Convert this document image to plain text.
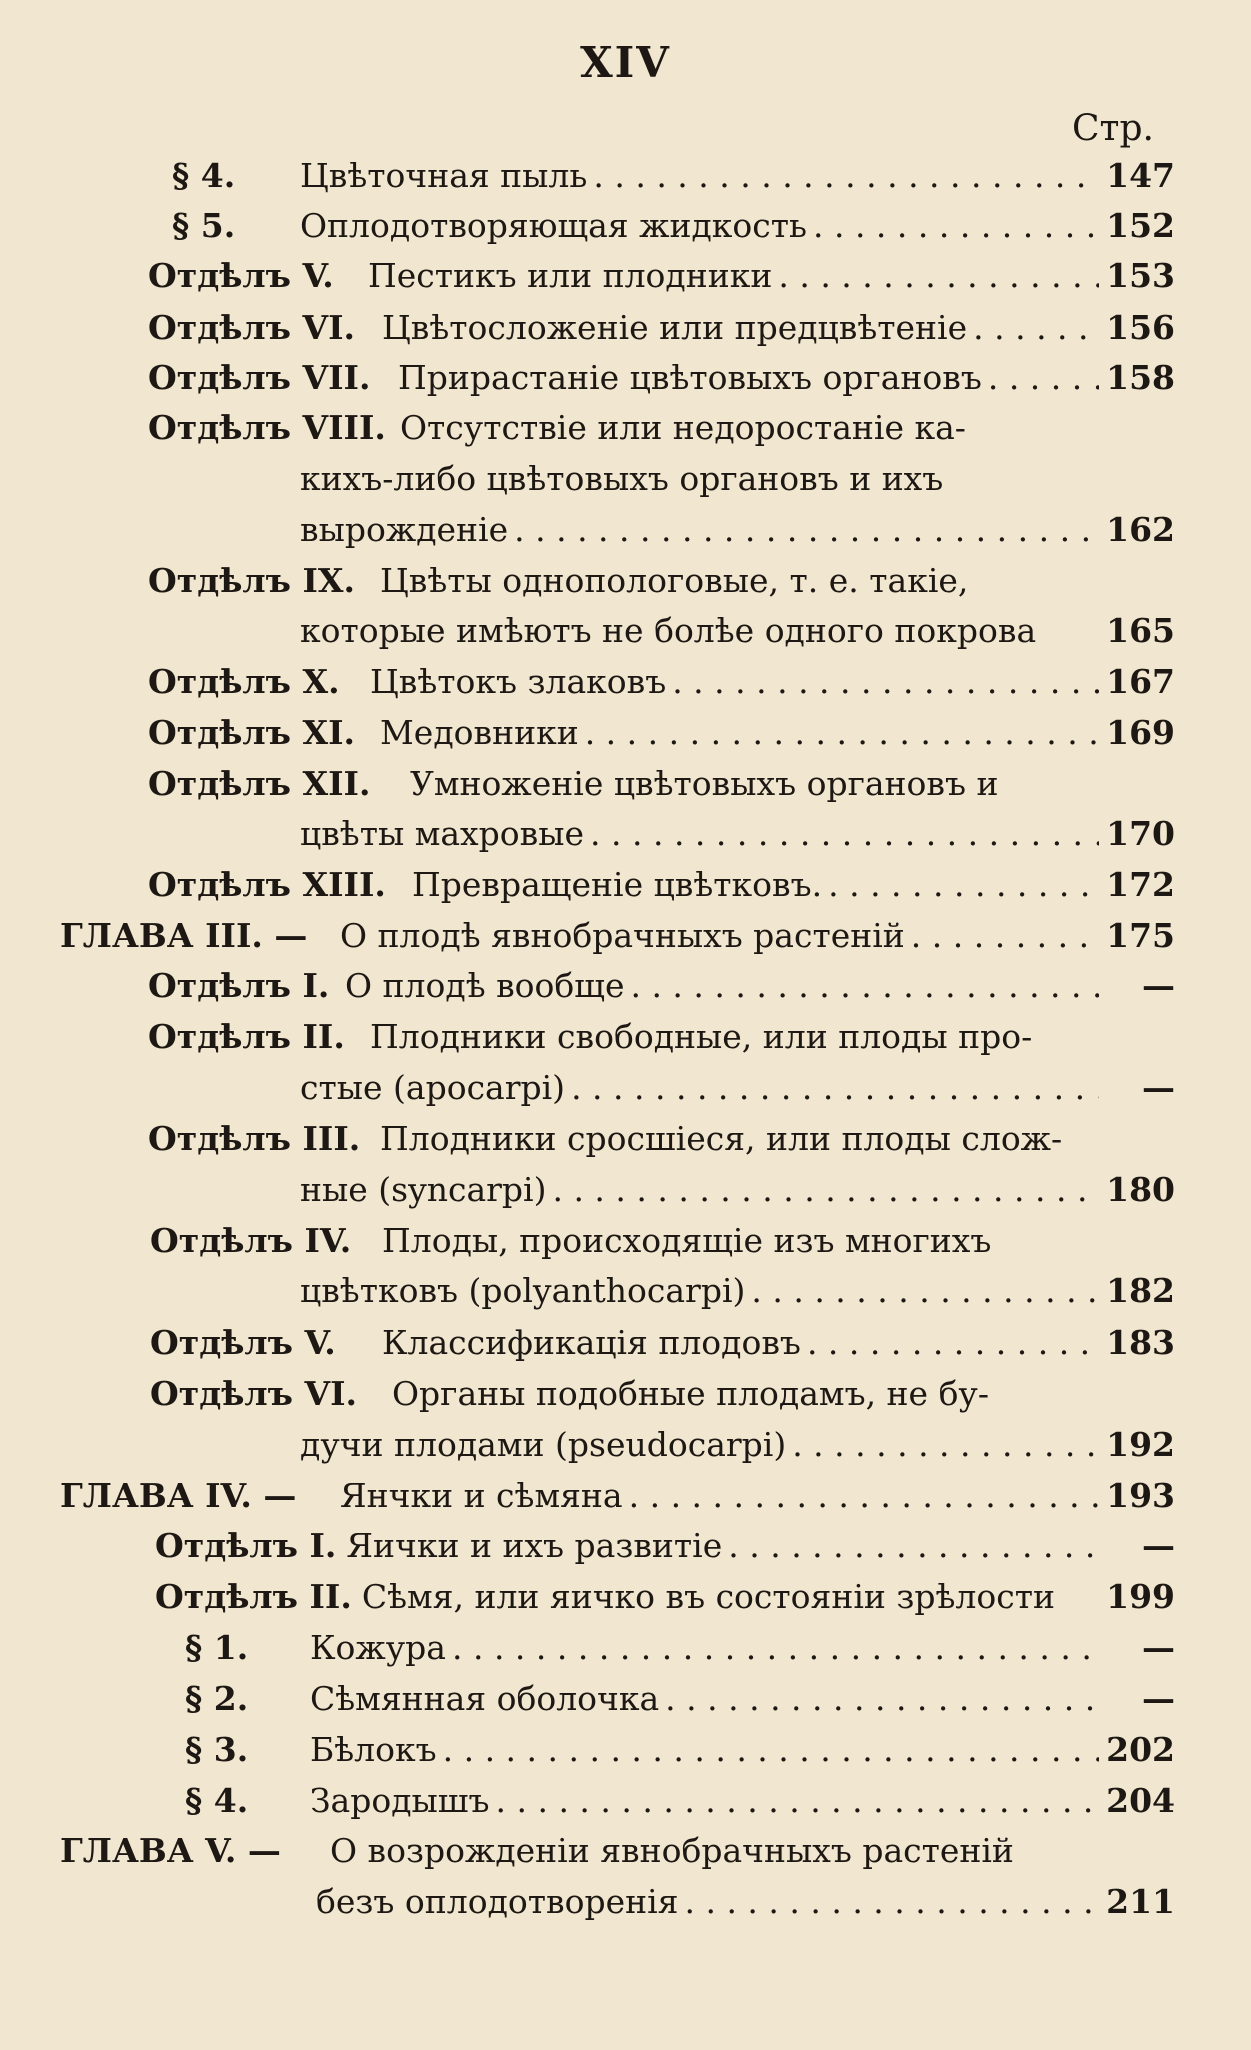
XIV
Стр.
§ 4. Цвѣточная пыль . . .	147
§ 5. Оплодотворяющая жидкость . . .	152
Отдѣлъ V. Пестикъ или плодники . . .	153
Отдѣлъ VI. Цвѣтосложеніе или предцвѣтеніе . . .	156
Отдѣлъ VII. Прирастаніе цвѣтовыхъ органовъ . . .	158
Отдѣлъ VIII. Отсутствіе или недоростаніе ка-
кихъ-либо цвѣтовыхъ органовъ и ихъ
вырожденіе . . .	162
Отдѣлъ IX. Цвѣты однопологовые, т. е. такіе,
которые имѣютъ не болѣе одного покрова 165
Отдѣлъ X. Цвѣтокъ злаковъ . . .	167
Отдѣлъ XI. Медовники . . .	169
Отдѣлъ XII. Умноженіе цвѣтовыхъ органовъ и
цвѣты махровые . . .	170
Отдѣлъ XIII. Превращеніе цвѣтковъ. . . .	172
ГЛАВА III. — О плодѣ явнобрачныхъ растеній . . .	175
Отдѣлъ I. О плодѣ вообще . . .	—
Отдѣлъ II. Плодники свободные, или плоды про-
стые (apocarpi) . . .	—
Отдѣлъ III. Плодники сросшіеся, или плоды слож-
ные (syncarpi) . . .	180
Отдѣлъ IV. Плоды, происходящіе изъ многихъ
цвѣтковъ (polyanthocarpi) . . .	182
Отдѣлъ V. Классификація плодовъ . . .	183
Отдѣлъ VI. Органы подобные плодамъ, не бу-
дучи плодами (pseudocarpi) . . .	192
ГЛАВА IV. — Янчки и сѣмяна . . .	193
Отдѣлъ I. Яички и ихъ развитіе . . .	—
Отдѣлъ II. Сѣмя, или яичко въ состояніи зрѣлости 199
§ 1. Кожура . . .	—
§ 2. Сѣмянная оболочка . . .	—
§ 3. Бѣлокъ . . .	202
§ 4. Зародышъ . . .	204
ГЛАВА V. — О возрожденіи явнобрачныхъ растеній
безъ оплодотворенія . . .	211
